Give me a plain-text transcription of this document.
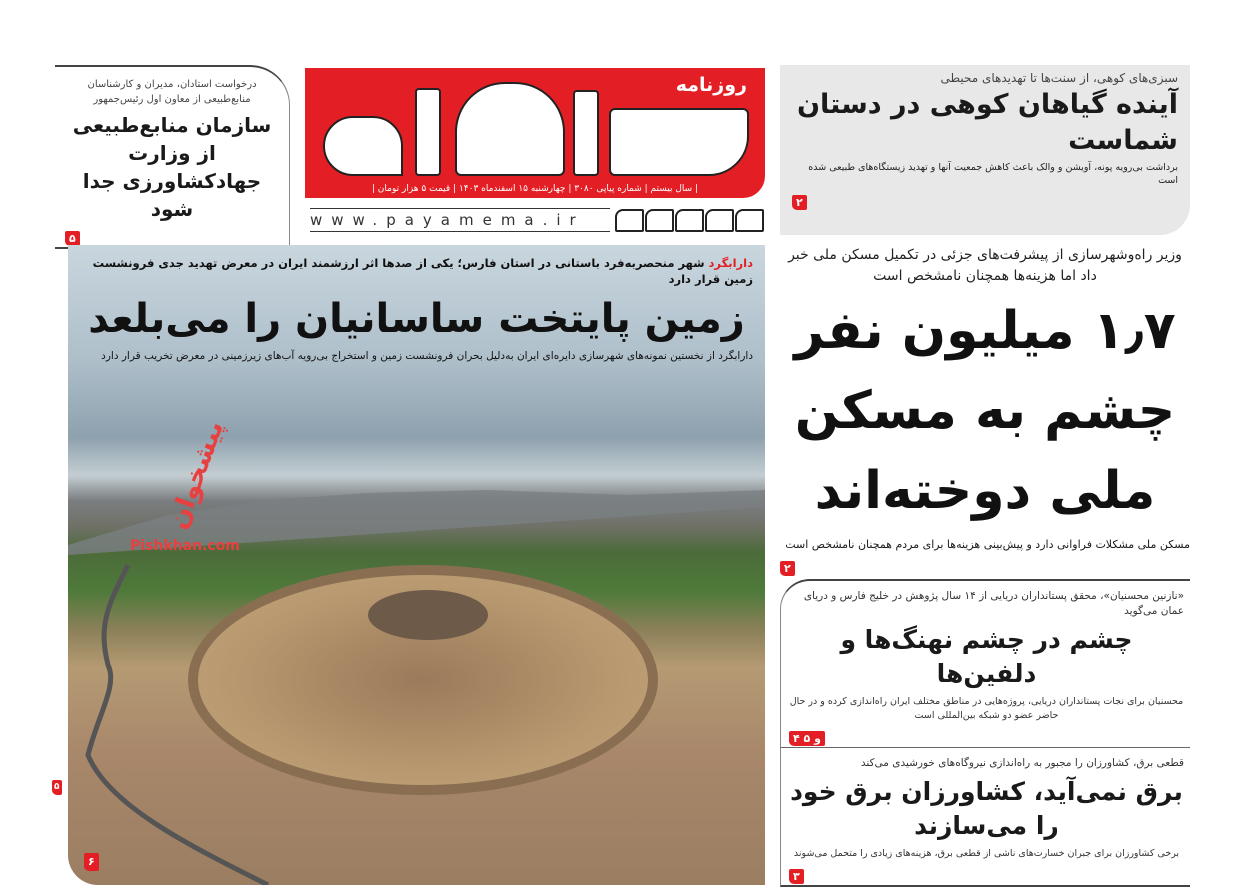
درخواست استادان، مدیران و کارشناسان منابع‌طبیعی از معاون اول رئیس‌جمهور
سازمان منابع‌طبیعی از وزارت جهادکشاورزی جدا شود
۵
روزنامه
| سال بیستم | شماره پیاپی ۳۰۸۰ | چهارشنبه ۱۵ اسفندماه ۱۴۰۳ | قیمت ۵ هزار تومان |
www.payamema.ir
سبزی‌های کوهی، از سنت‌ها تا تهدیدهای محیطی
آینده گیاهان کوهی در دستان شماست
برداشت بی‌رویه پونه، آویشن و والک باعث کاهش جمعیت آنها و تهدید زیستگاه‌های طبیعی شده است
۲
دارابگرد شهر منحصربه‌فرد باستانی در استان فارس؛ یکی از صدها اثر ارزشمند ایران در معرض تهدید جدی فرونشست زمین قرار دارد
زمین پایتخت ساسانیان را می‌بلعد
دارابگرد از نخستین نمونه‌های شهرسازی دایره‌ای ایران به‌دلیل بحران فرونشست زمین و استخراج بی‌رویه آب‌های زیرزمینی در معرض تخریب قرار دارد
۶
۵
پیشخوان
Pishkhan.com
وزیر راه‌وشهرسازی از پیشرفت‌های جزئی در تکمیل مسکن ملی خبر داد اما هزینه‌ها همچنان نامشخص است
۱٫۷ میلیون نفر چشم به مسکن ملی دوخته‌اند
مسکن ملی مشکلات فراوانی دارد و پیش‌بینی هزینه‌ها برای مردم همچنان نامشخص است
۲
«نازنین محسنیان»، محقق پستانداران دریایی از ۱۴ سال پژوهش در خلیج فارس و دریای عمان می‌گوید
چشم در چشم نهنگ‌ها و دلفین‌ها
محسنیان برای نجات پستانداران دریایی، پروژه‌هایی در مناطق مختلف ایران راه‌اندازی کرده و در حال حاضر عضو دو شبکه بین‌المللی است
۴ و ۵
قطعی برق، کشاورزان را مجبور به راه‌اندازی نیروگاه‌های خورشیدی می‌کند
برق نمی‌آید، کشاورزان برق خود را می‌سازند
برخی کشاورزان برای جبران خسارت‌های ناشی از قطعی برق، هزینه‌های زیادی را متحمل می‌شوند
۳
